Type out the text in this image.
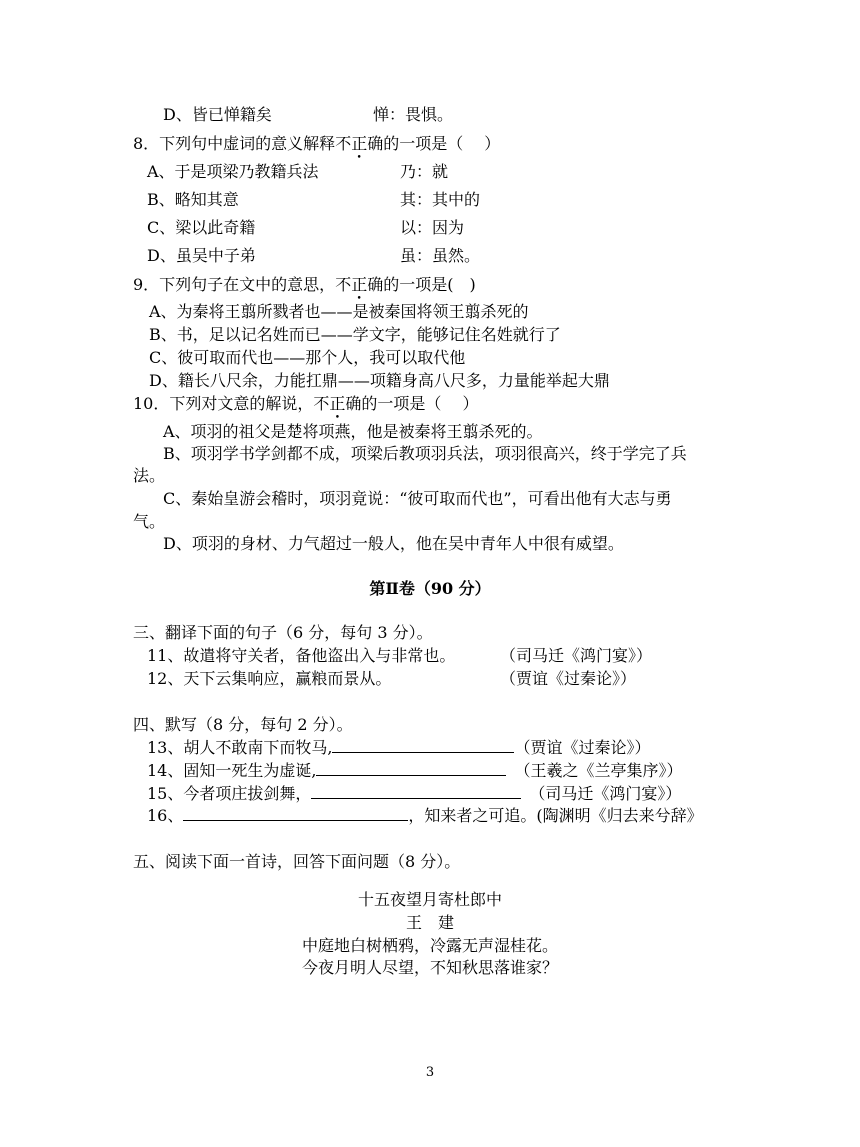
D、皆已惮籍矣	惮：畏惧。
8．下列句中虚词的意义解释不正确的一项是（　 ）
A、于是项梁乃教籍兵法	乃：就
B、略知其意	其：其中的
C、梁以此奇籍	以：因为
D、虽吴中子弟	虽：虽然。
9．下列句子在文中的意思，不正确的一项是(　)
A、为秦将王翦所戮者也——是被秦国将领王翦杀死的
B、书，足以记名姓而已——学文字，能够记住名姓就行了
C、彼可取而代也——那个人，我可以取代他
D、籍长八尺余，力能扛鼎——项籍身高八尺多，力量能举起大鼎
10．下列对文意的解说，不正确的一项是（　 ）
A、项羽的祖父是楚将项燕，他是被秦将王翦杀死的。
B、项羽学书学剑都不成，项梁后教项羽兵法，项羽很高兴，终于学完了兵
法。
C、秦始皇游会稽时，项羽竟说：“彼可取而代也”，可看出他有大志与勇
气。
D、项羽的身材、力气超过一般人，他在吴中青年人中很有威望。
第Ⅱ卷（90 分）
三、翻译下面的句子（6 分，每句 3 分）。
11、故遣将守关者，备他盗出入与非常也。	（司马迁《鸿门宴》）
12、天下云集响应，赢粮而景从。	（贾谊《过秦论》）
四、默写（8 分，每句 2 分）。
13、胡人不敢南下而牧马,	（贾谊《过秦论》）
14、固知一死生为虚诞,	（王羲之《兰亭集序》）
15、今者项庄拔剑舞，	（司马迁《鸿门宴》）
16、	，知来者之可追。(陶渊明《归去来兮辞》
五、阅读下面一首诗，回答下面问题（8 分）。
十五夜望月寄杜郎中
王　建
中庭地白树栖鸦，冷露无声湿桂花。
今夜月明人尽望，不知秋思落谁家？
3
